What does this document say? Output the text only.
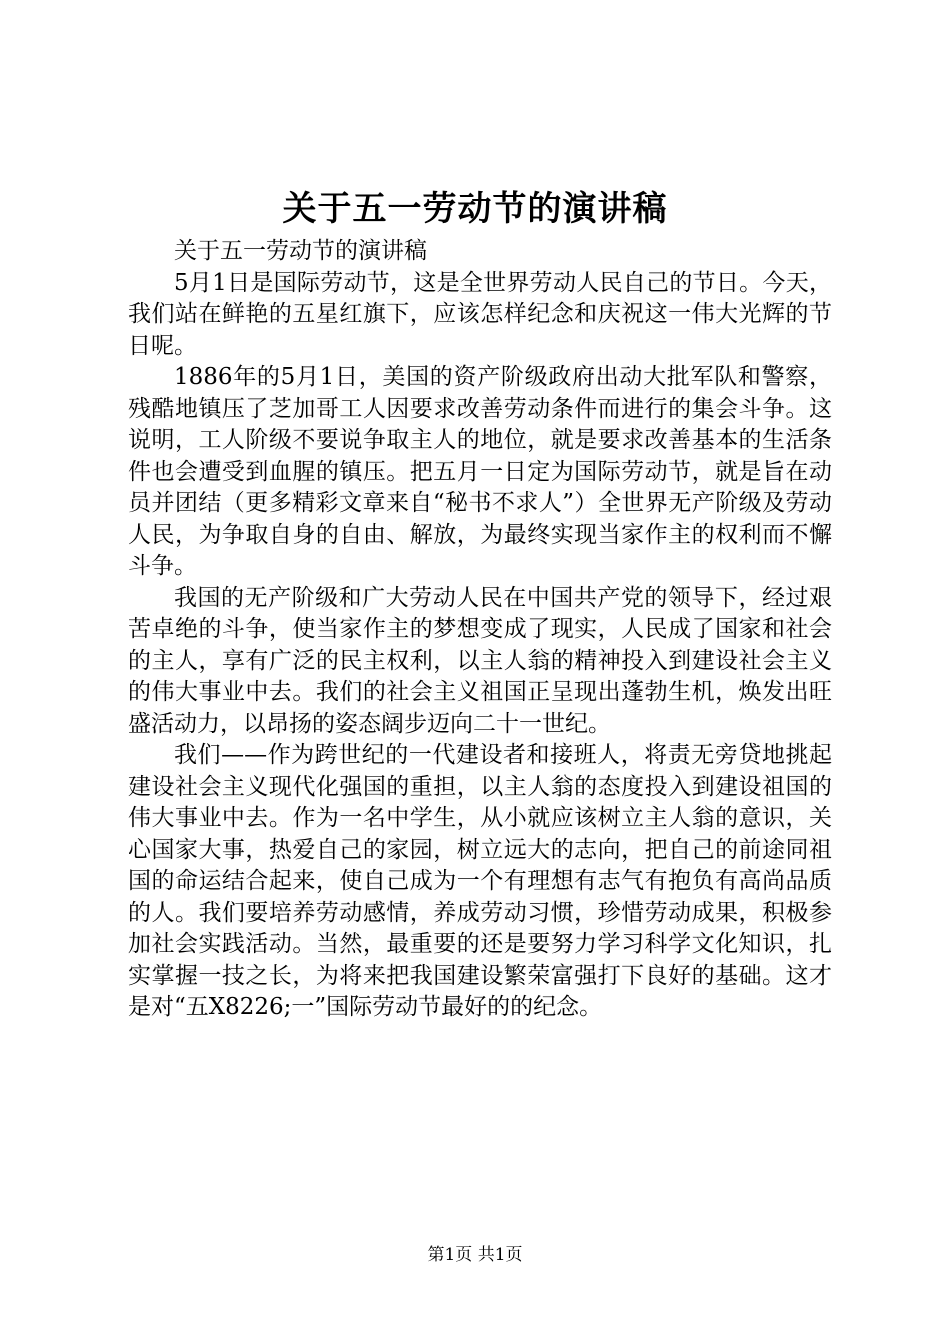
关于五一劳动节的演讲稿

关于五一劳动节的演讲稿

5月1日是国际劳动节，这是全世界劳动人民自己的节日。今天，我们站在鲜艳的五星红旗下，应该怎样纪念和庆祝这一伟大光辉的节日呢。

1886年的5月1日，美国的资产阶级政府出动大批军队和警察，残酷地镇压了芝加哥工人因要求改善劳动条件而进行的集会斗争。这说明，工人阶级不要说争取主人的地位，就是要求改善基本的生活条件也会遭受到血腥的镇压。把五月一日定为国际劳动节，就是旨在动员并团结（更多精彩文章来自“秘书不求人”）全世界无产阶级及劳动人民，为争取自身的自由、解放，为最终实现当家作主的权利而不懈斗争。

我国的无产阶级和广大劳动人民在中国共产党的领导下，经过艰苦卓绝的斗争，使当家作主的梦想变成了现实，人民成了国家和社会的主人，享有广泛的民主权利，以主人翁的精神投入到建设社会主义的伟大事业中去。我们的社会主义祖国正呈现出蓬勃生机，焕发出旺盛活动力，以昂扬的姿态阔步迈向二十一世纪。

我们——作为跨世纪的一代建设者和接班人，将责无旁贷地挑起建设社会主义现代化强国的重担，以主人翁的态度投入到建设祖国的伟大事业中去。作为一名中学生，从小就应该树立主人翁的意识，关心国家大事，热爱自己的家园，树立远大的志向，把自己的前途同祖国的命运结合起来，使自己成为一个有理想有志气有抱负有高尚品质的人。我们要培养劳动感情，养成劳动习惯，珍惜劳动成果，积极参加社会实践活动。当然，最重要的还是要努力学习科学文化知识，扎实掌握一技之长，为将来把我国建设繁荣富强打下良好的基础。这才是对“五X8226;一”国际劳动节最好的的纪念。

第1页 共1页
